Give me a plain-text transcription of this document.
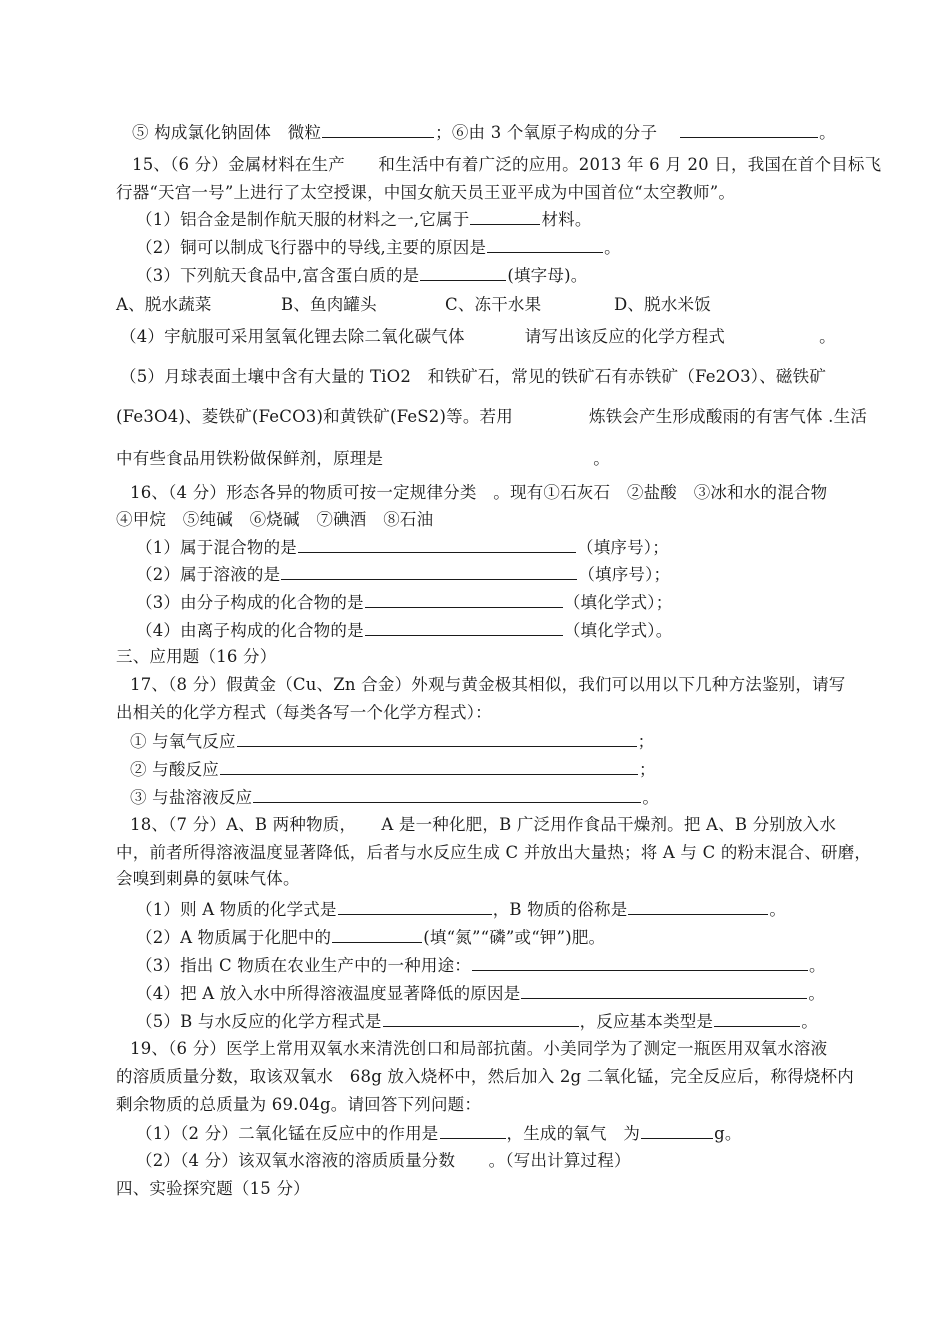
⑤ 构成氯化钠固体　微粒	；⑥由 3 个氧原子构成的分子	。
15、（6 分）金属材料在生产　　和生活中有着广泛的应用。2013 年 6 月 20 日，我国在首个目标飞
行器“天宫一号”上进行了太空授课，中国女航天员王亚平成为中国首位“太空教师”。
（1）铝合金是制作航天服的材料之一,它属于	材料。
（2）铜可以制成飞行器中的导线,主要的原因是	。
（3）下列航天食品中,富含蛋白质的是	(填字母)。
A、脱水蔬菜	B、鱼肉罐头	C、冻干水果	D、脱水米饭
（4）宇航服可采用氢氧化锂去除二氧化碳气体	请写出该反应的化学方程式	。
（5）月球表面土壤中含有大量的 TiO2　和铁矿石，常见的铁矿石有赤铁矿（Fe2O3）、磁铁矿
(Fe3O4)、菱铁矿(FeCO3)和黄铁矿(FeS2)等。若用	炼铁会产生形成酸雨的有害气体 .生活
中有些食品用铁粉做保鲜剂，原理是	。
16、（4 分）形态各异的物质可按一定规律分类　。现有①石灰石　②盐酸　③冰和水的混合物
④甲烷　⑤纯碱　⑥烧碱　⑦碘酒　⑧石油
（1）属于混合物的是	（填序号）；
（2）属于溶液的是	（填序号）；
（3）由分子构成的化合物的是	（填化学式）；
（4）由离子构成的化合物的是	（填化学式）。
三、应用题（16 分）
17、（8 分）假黄金（Cu、Zn 合金）外观与黄金极其相似，我们可以用以下几种方法鉴别，请写
出相关的化学方程式（每类各写一个化学方程式）：
① 与氧气反应	；
② 与酸反应	；
③ 与盐溶液反应	。
18、（7 分）A、B 两种物质，　　A 是一种化肥，B 广泛用作食品干燥剂。把 A、B 分别放入水
中，前者所得溶液温度显著降低，后者与水反应生成 C 并放出大量热；将 A 与 C 的粉末混合、研磨，
会嗅到刺鼻的氨味气体。
（1）则 A 物质的化学式是	，B 物质的俗称是	。
（2）A 物质属于化肥中的	(填“氮”“磷”或“钾”)肥。
（3）指出 C 物质在农业生产中的一种用途：	。
（4）把 A 放入水中所得溶液温度显著降低的原因是	。
（5）B 与水反应的化学方程式是	，反应基本类型是	。
19、（6 分）医学上常用双氧水来清洗创口和局部抗菌。小美同学为了测定一瓶医用双氧水溶液
的溶质质量分数，取该双氧水　68g 放入烧杯中，然后加入 2g 二氧化锰，完全反应后，称得烧杯内
剩余物质的总质量为 69.04g。请回答下列问题：
（1）（2 分）二氧化锰在反应中的作用是	，生成的氧气　为	g。
（2）（4 分）该双氧水溶液的溶质质量分数　　。（写出计算过程）
四、实验探究题（15 分）
